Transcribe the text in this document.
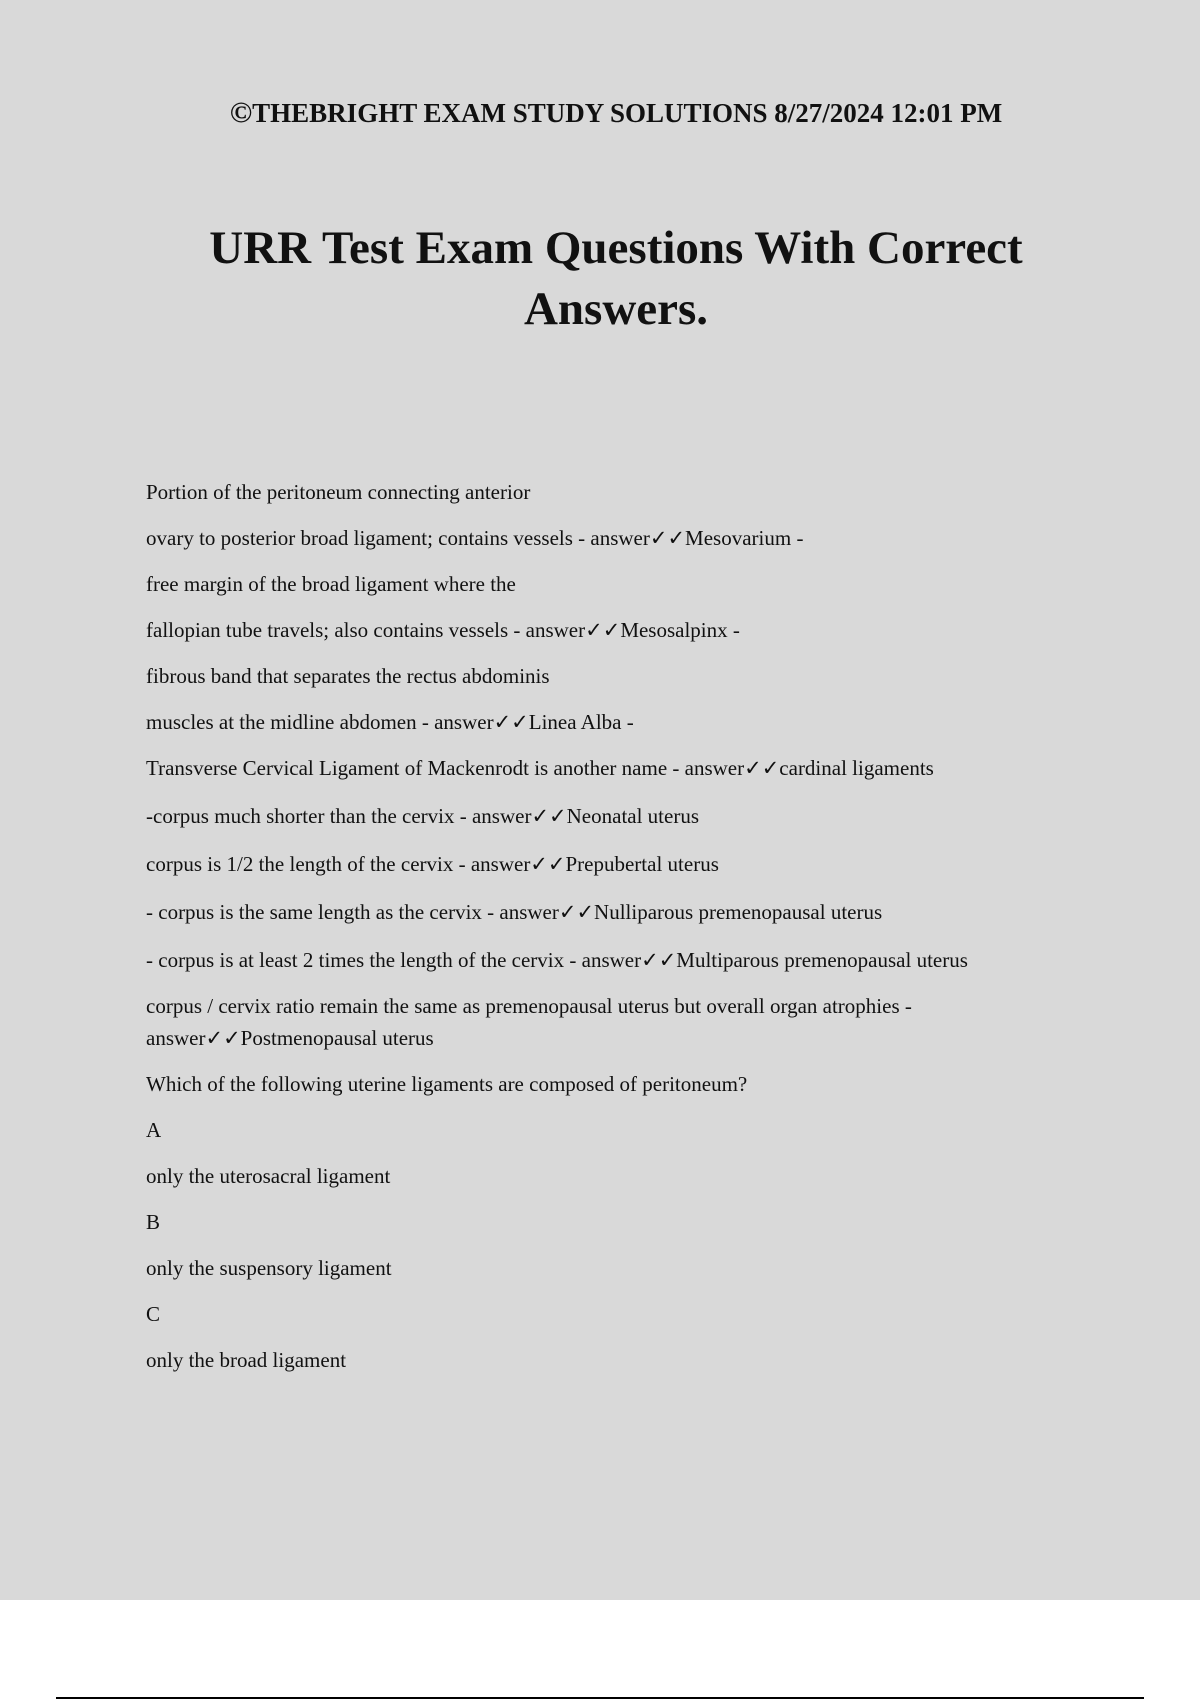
©THEBRIGHT EXAM STUDY SOLUTIONS 8/27/2024 12:01 PM
URR Test Exam Questions With Correct Answers.

Portion of the peritoneum connecting anterior

ovary to posterior broad ligament; contains vessels - answer✓✓Mesovarium -

free margin of the broad ligament where the

fallopian tube travels; also contains vessels - answer✓✓Mesosalpinx -

fibrous band that separates the rectus abdominis

muscles at the midline abdomen - answer✓✓Linea Alba -

Transverse Cervical Ligament of Mackenrodt is another name - answer✓✓cardinal ligaments

-corpus much shorter than the cervix - answer✓✓Neonatal uterus

corpus is 1/2 the length of the cervix - answer✓✓Prepubertal uterus

- corpus is the same length as the cervix - answer✓✓Nulliparous premenopausal uterus

- corpus is at least 2 times the length of the cervix - answer✓✓Multiparous premenopausal uterus

corpus / cervix ratio remain the same as premenopausal uterus but overall organ atrophies - answer✓✓Postmenopausal uterus

Which of the following uterine ligaments are composed of peritoneum?

A

only the uterosacral ligament

B

only the suspensory ligament

C

only the broad ligament
